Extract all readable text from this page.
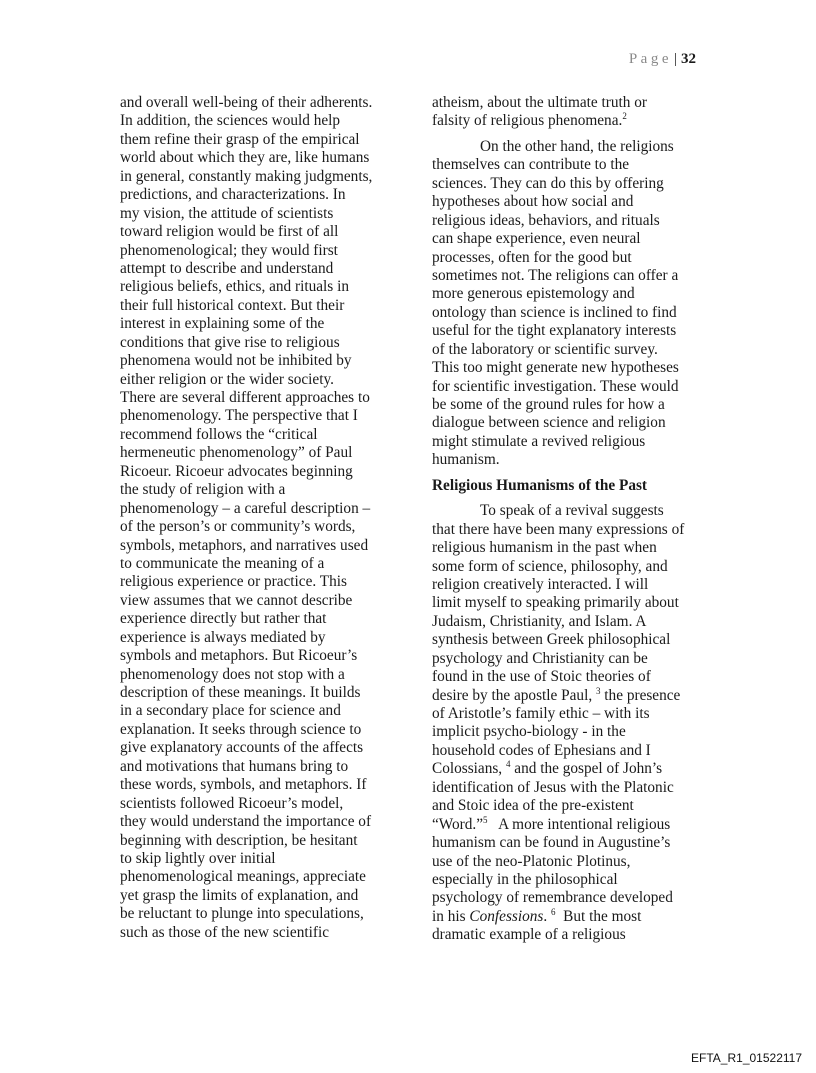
Page | 32
and overall well-being of their adherents.
In addition, the sciences would help
them refine their grasp of the empirical
world about which they are, like humans
in general, constantly making judgments,
predictions, and characterizations. In
my vision, the attitude of scientists
toward religion would be first of all
phenomenological; they would first
attempt to describe and understand
religious beliefs, ethics, and rituals in
their full historical context. But their
interest in explaining some of the
conditions that give rise to religious
phenomena would not be inhibited by
either religion or the wider society.
There are several different approaches to
phenomenology. The perspective that I
recommend follows the “critical
hermeneutic phenomenology” of Paul
Ricoeur. Ricoeur advocates beginning
the study of religion with a
phenomenology – a careful description –
of the person’s or community’s words,
symbols, metaphors, and narratives used
to communicate the meaning of a
religious experience or practice. This
view assumes that we cannot describe
experience directly but rather that
experience is always mediated by
symbols and metaphors. But Ricoeur’s
phenomenology does not stop with a
description of these meanings. It builds
in a secondary place for science and
explanation. It seeks through science to
give explanatory accounts of the affects
and motivations that humans bring to
these words, symbols, and metaphors. If
scientists followed Ricoeur’s model,
they would understand the importance of
beginning with description, be hesitant
to skip lightly over initial
phenomenological meanings, appreciate
yet grasp the limits of explanation, and
be reluctant to plunge into speculations,
such as those of the new scientific
atheism, about the ultimate truth or
falsity of religious phenomena.$^2$
On the other hand, the religions
themselves can contribute to the
sciences. They can do this by offering
hypotheses about how social and
religious ideas, behaviors, and rituals
can shape experience, even neural
processes, often for the good but
sometimes not. The religions can offer a
more generous epistemology and
ontology than science is inclined to find
useful for the tight explanatory interests
of the laboratory or scientific survey.
This too might generate new hypotheses
for scientific investigation. These would
be some of the ground rules for how a
dialogue between science and religion
might stimulate a revived religious
humanism.
Religious Humanisms of the Past
To speak of a revival suggests
that there have been many expressions of
religious humanism in the past when
some form of science, philosophy, and
religion creatively interacted. I will
limit myself to speaking primarily about
Judaism, Christianity, and Islam. A
synthesis between Greek philosophical
psychology and Christianity can be
found in the use of Stoic theories of
desire by the apostle Paul, $^3$ the presence
of Aristotle’s family ethic – with its
implicit psycho-biology - in the
household codes of Ephesians and I
Colossians, $^4$ and the gospel of John’s
identification of Jesus with the Platonic
and Stoic idea of the pre-existent
“Word.”$^5$   A more intentional religious
humanism can be found in Augustine’s
use of the neo-Platonic Plotinus,
especially in the philosophical
psychology of remembrance developed
in his Confessions. $^6$  But the most
dramatic example of a religious
EFTA_R1_01522117
